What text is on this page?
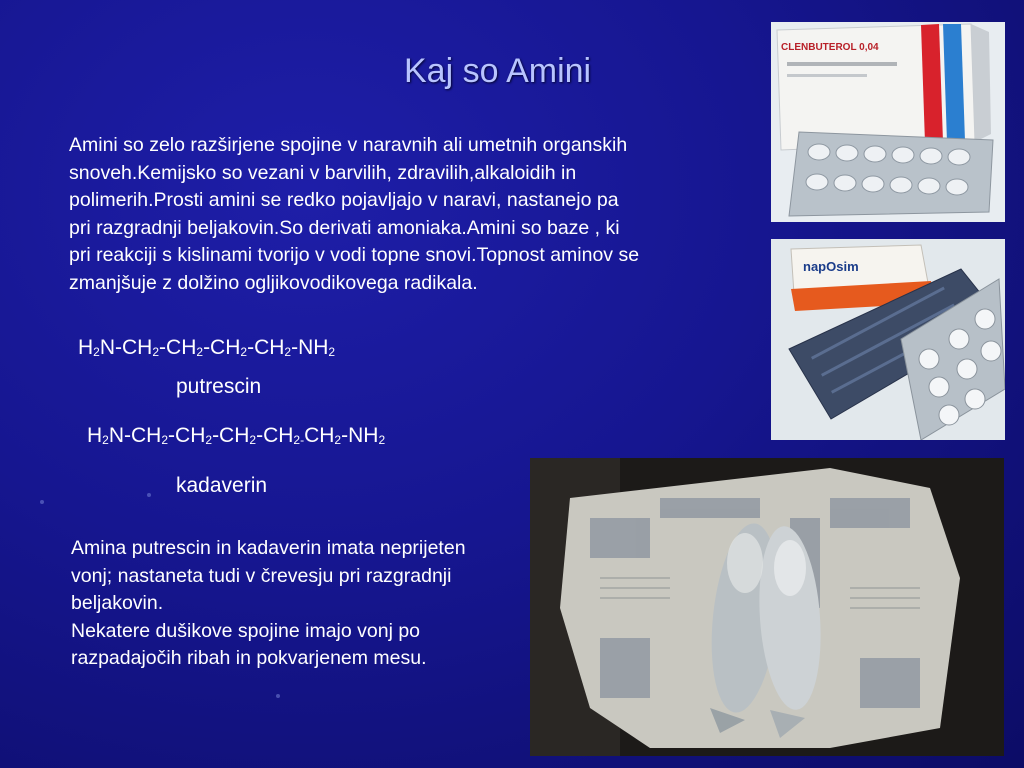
Kaj so Amini
Amini so zelo razširjene spojine v naravnih ali umetnih organskih
snoveh.Kemijsko so vezani v barvilih, zdravilih,alkaloidih in
polimerih.Prosti amini se redko pojavljajo v naravi, nastanejo pa
pri razgradnji beljakovin.So derivati amoniaka.Amini so baze , ki
pri reakciji s kislinami tvorijo v vodi topne snovi.Topnost aminov se
zmanjšuje z dolžino ogljikovodikovega radikala.
$H_2N-CH_2-CH_2-CH_2-CH_2-NH_2$
putrescin
$H_2N-CH_2-CH_2-CH_2-CH_{2-}CH_2-NH_2$
kadaverin
Amina putrescin in kadaverin imata neprijeten
vonj; nastaneta tudi v črevesju pri razgradnji
beljakovin.
Nekatere dušikove spojine imajo vonj po
razpadajočih ribah in pokvarjenem mesu.
CLENBUTEROL 0,04
napOsim
